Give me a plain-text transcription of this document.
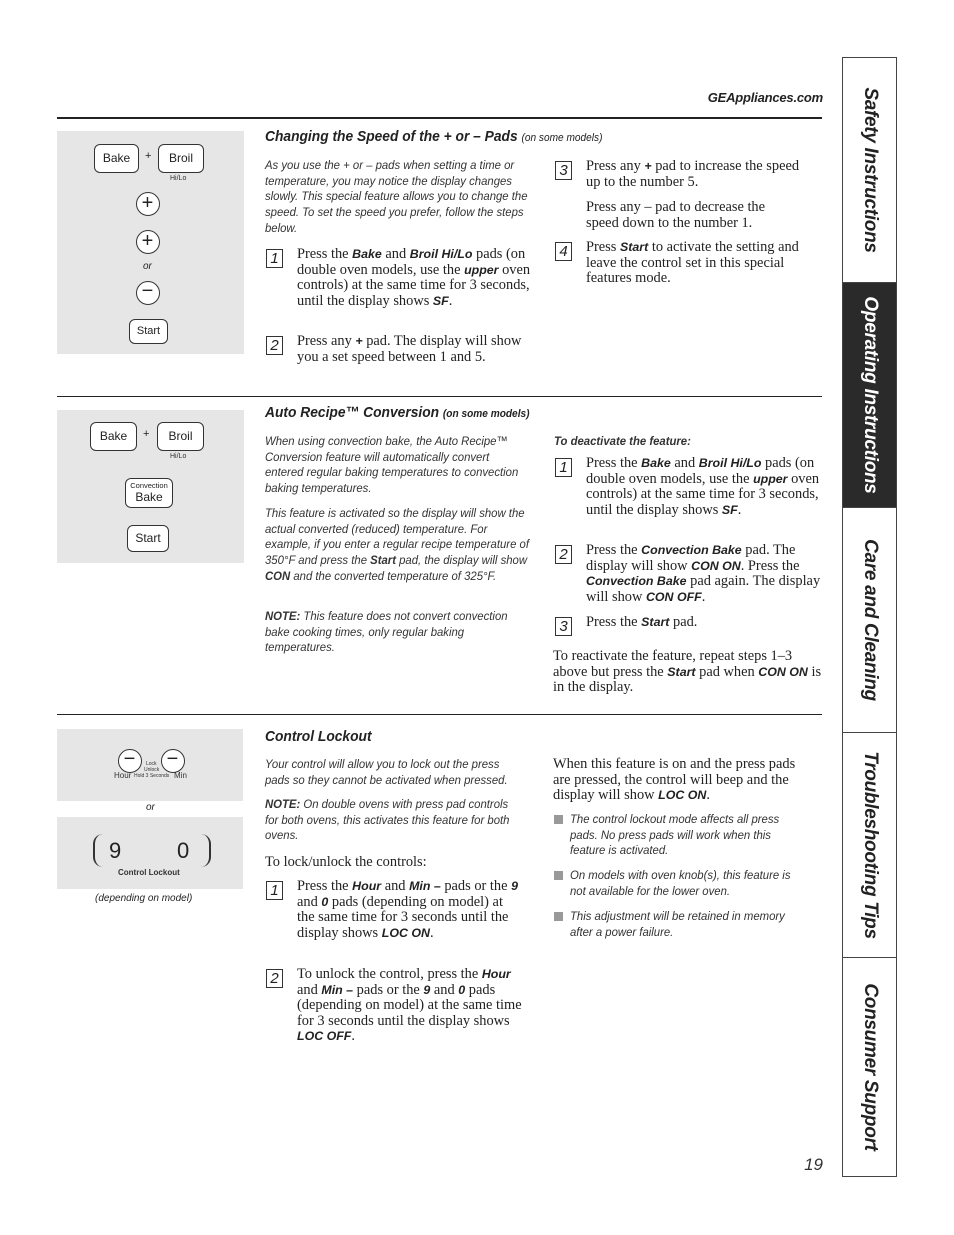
GEAppliances.com Safety Instructions
Operating Instructions
Care and Cleaning
Troubleshooting Tips
Consumer Support
Bake	+	Broil
Hi/Lo
+
+
or
−
Start
Changing the Speed of the + or – Pads (on some models)
As you use the + or – pads when setting a time or temperature, you may notice the display changes slowly. This special feature allows you to change the speed. To set the speed you prefer, follow the steps below.
1	Press the Bake and Broil Hi/Lo pads (on double oven models, use the upper oven controls) at the same time for 3 seconds, until the display shows SF.
2	Press any + pad. The display will show you a set speed between 1 and 5.
3	Press any + pad to increase the speed up to the number 5.
Press any – pad to decrease the speed down to the number 1.
4	Press Start to activate the setting and leave the control set in this special features mode.
Bake	+	Broil
Hi/Lo
Convection
Bake
Start
Auto Recipe™ Conversion (on some models)
When using convection bake, the Auto Recipe™ Conversion feature will automatically convert entered regular baking temperatures to convection baking temperatures.
This feature is activated so the display will show the actual converted (reduced) temperature. For example, if you enter a regular recipe temperature of 350°F and press the Start pad, the display will show CON and the converted temperature of 325°F.
NOTE: This feature does not convert convection bake cooking times, only regular baking temperatures.
To deactivate the feature:
1	Press the Bake and Broil Hi/Lo pads (on double oven models, use the upper oven controls) at the same time for 3 seconds, until the display shows SF.
2	Press the Convection Bake pad. The display will show CON ON. Press the Convection Bake pad again. The display will show CON OFF.
3	Press the Start pad.
To reactivate the feature, repeat steps 1–3 above but press the Start pad when CON ON is in the display.
− −
Hour	Min
Lock
Unlock
Hold 3 Seconds
or
9	0
Control Lockout
(depending on model)
Control Lockout
Your control will allow you to lock out the press pads so they cannot be activated when pressed.
NOTE: On double ovens with press pad controls for both ovens, this activates this feature for both ovens.
To lock/unlock the controls:
1	Press the Hour and Min – pads or the 9 and 0 pads (depending on model) at the same time for 3 seconds until the display shows LOC ON.
2	To unlock the control, press the Hour and Min – pads or the 9 and 0 pads (depending on model) at the same time for 3 seconds until the display shows LOC OFF.
When this feature is on and the press pads are pressed, the control will beep and the display will show LOC ON.
The control lockout mode affects all press pads. No press pads will work when this feature is activated.
On models with oven knob(s), this feature is not available for the lower oven.
This adjustment will be retained in memory after a power failure.
19
